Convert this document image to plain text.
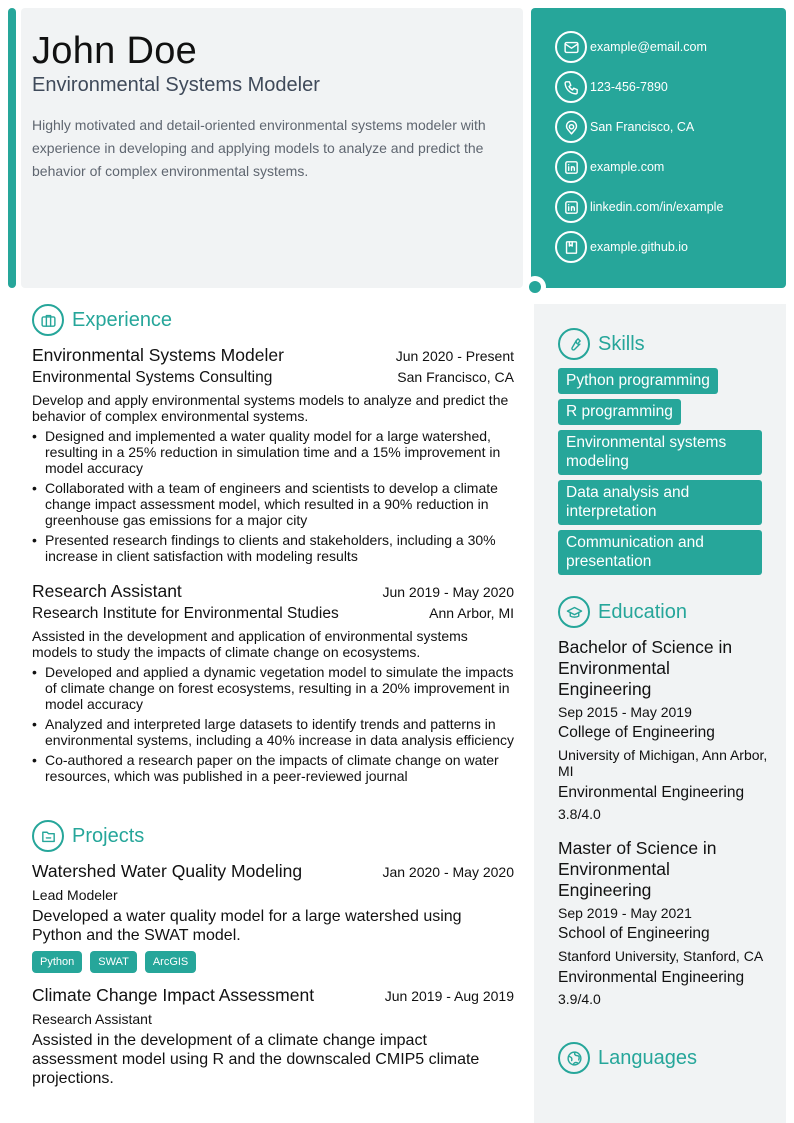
John Doe
Environmental Systems Modeler

Highly motivated and detail-oriented environmental systems modeler with experience in developing and applying models to analyze and predict the behavior of complex environmental systems.

example@email.com
123-456-7890
San Francisco, CA
example.com
linkedin.com/in/example
example.github.io
Experience
Environmental Systems Modeler	Jun 2020 - Present
Environmental Systems Consulting	San Francisco, CA

Develop and apply environmental systems models to analyze and predict the behavior of complex environmental systems.

• Designed and implemented a water quality model for a large watershed, resulting in a 25% reduction in simulation time and a 15% improvement in model accuracy
• Collaborated with a team of engineers and scientists to develop a climate change impact assessment model, which resulted in a 90% reduction in greenhouse gas emissions for a major city
• Presented research findings to clients and stakeholders, including a 30% increase in client satisfaction with modeling results
Research Assistant	Jun 2019 - May 2020
Research Institute for Environmental Studies	Ann Arbor, MI

Assisted in the development and application of environmental systems models to study the impacts of climate change on ecosystems.

• Developed and applied a dynamic vegetation model to simulate the impacts of climate change on forest ecosystems, resulting in a 20% improvement in model accuracy
• Analyzed and interpreted large datasets to identify trends and patterns in environmental systems, including a 40% increase in data analysis efficiency
• Co-authored a research paper on the impacts of climate change on water resources, which was published in a peer-reviewed journal
Projects
Watershed Water Quality Modeling	Jan 2020 - May 2020
Lead Modeler

Developed a water quality model for a large watershed using Python and the SWAT model.

Python	SWAT	ArcGIS
Climate Change Impact Assessment	Jun 2019 - Aug 2019
Research Assistant

Assisted in the development of a climate change impact assessment model using R and the downscaled CMIP5 climate projections.

Skills
Python programming
R programming
Environmental systems modeling
Data analysis and interpretation
Communication and presentation
Education
Bachelor of Science in Environmental Engineering
Sep 2015 - May 2019
College of Engineering
University of Michigan, Ann Arbor, MI
Environmental Engineering
3.8/4.0
Master of Science in Environmental Engineering
Sep 2019 - May 2021
School of Engineering
Stanford University, Stanford, CA
Environmental Engineering
3.9/4.0
Languages
